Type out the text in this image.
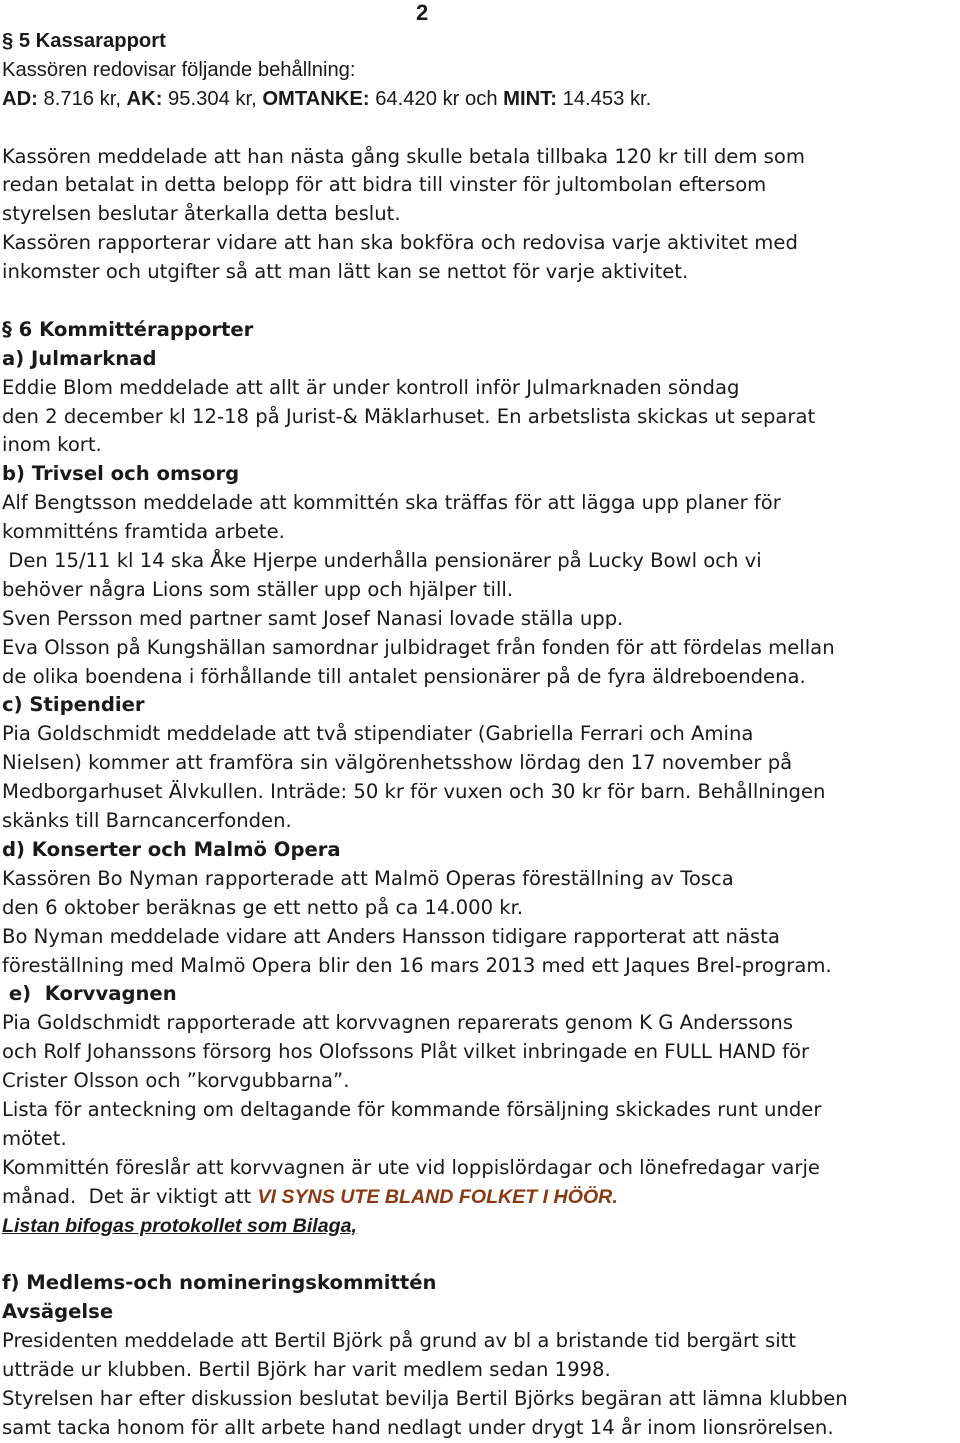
2
§ 5 Kassarapport
Kassören redovisar följande behållning:
AD: 8.716 kr, AK: 95.304 kr, OMTANKE: 64.420 kr och MINT: 14.453 kr.
Kassören meddelade att han nästa gång skulle betala tillbaka 120 kr till dem som
redan betalat in detta belopp för att bidra till vinster för jultombolan eftersom
styrelsen beslutar återkalla detta beslut.
Kassören rapporterar vidare att han ska bokföra och redovisa varje aktivitet med
inkomster och utgifter så att man lätt kan se nettot för varje aktivitet.
§ 6 Kommittérapporter
a) Julmarknad
Eddie Blom meddelade att allt är under kontroll inför Julmarknaden söndag
den 2 december kl 12-18 på Jurist-& Mäklarhuset. En arbetslista skickas ut separat
inom kort.
b) Trivsel och omsorg
Alf Bengtsson meddelade att kommittén ska träffas för att lägga upp planer för
kommitténs framtida arbete.
Den 15/11 kl 14 ska Åke Hjerpe underhålla pensionärer på Lucky Bowl och vi
behöver några Lions som ställer upp och hjälper till.
Sven Persson med partner samt Josef Nanasi lovade ställa upp.
Eva Olsson på Kungshällan samordnar julbidraget från fonden för att fördelas mellan
de olika boendena i förhållande till antalet pensionärer på de fyra äldreboendena.
c) Stipendier
Pia Goldschmidt meddelade att två stipendiater (Gabriella Ferrari och Amina
Nielsen) kommer att framföra sin välgörenhetsshow lördag den 17 november på
Medborgarhuset Älvkullen. Inträde: 50 kr för vuxen och 30 kr för barn. Behållningen
skänks till Barncancerfonden.
d) Konserter och Malmö Opera
Kassören Bo Nyman rapporterade att Malmö Operas föreställning av Tosca
den 6 oktober beräknas ge ett netto på ca 14.000 kr.
Bo Nyman meddelade vidare att Anders Hansson tidigare rapporterat att nästa
föreställning med Malmö Opera blir den 16 mars 2013 med ett Jaques Brel-program.
e)  Korvvagnen
Pia Goldschmidt rapporterade att korvvagnen reparerats genom K G Anderssons
och Rolf Johanssons försorg hos Olofssons Plåt vilket inbringade en FULL HAND för
Crister Olsson och ”korvgubbarna”.
Lista för anteckning om deltagande för kommande försäljning skickades runt under
mötet.
Kommittén föreslår att korvvagnen är ute vid loppislördagar och lönefredagar varje
månad.  Det är viktigt att VI SYNS UTE BLAND FOLKET I HÖÖR.
Listan bifogas protokollet som Bilaga,
f) Medlems-och nomineringskommittén
Avsägelse
Presidenten meddelade att Bertil Björk på grund av bl a bristande tid bergärt sitt
utträde ur klubben. Bertil Björk har varit medlem sedan 1998.
Styrelsen har efter diskussion beslutat bevilja Bertil Björks begäran att lämna klubben
samt tacka honom för allt arbete hand nedlagt under drygt 14 år inom lionsrörelsen.
